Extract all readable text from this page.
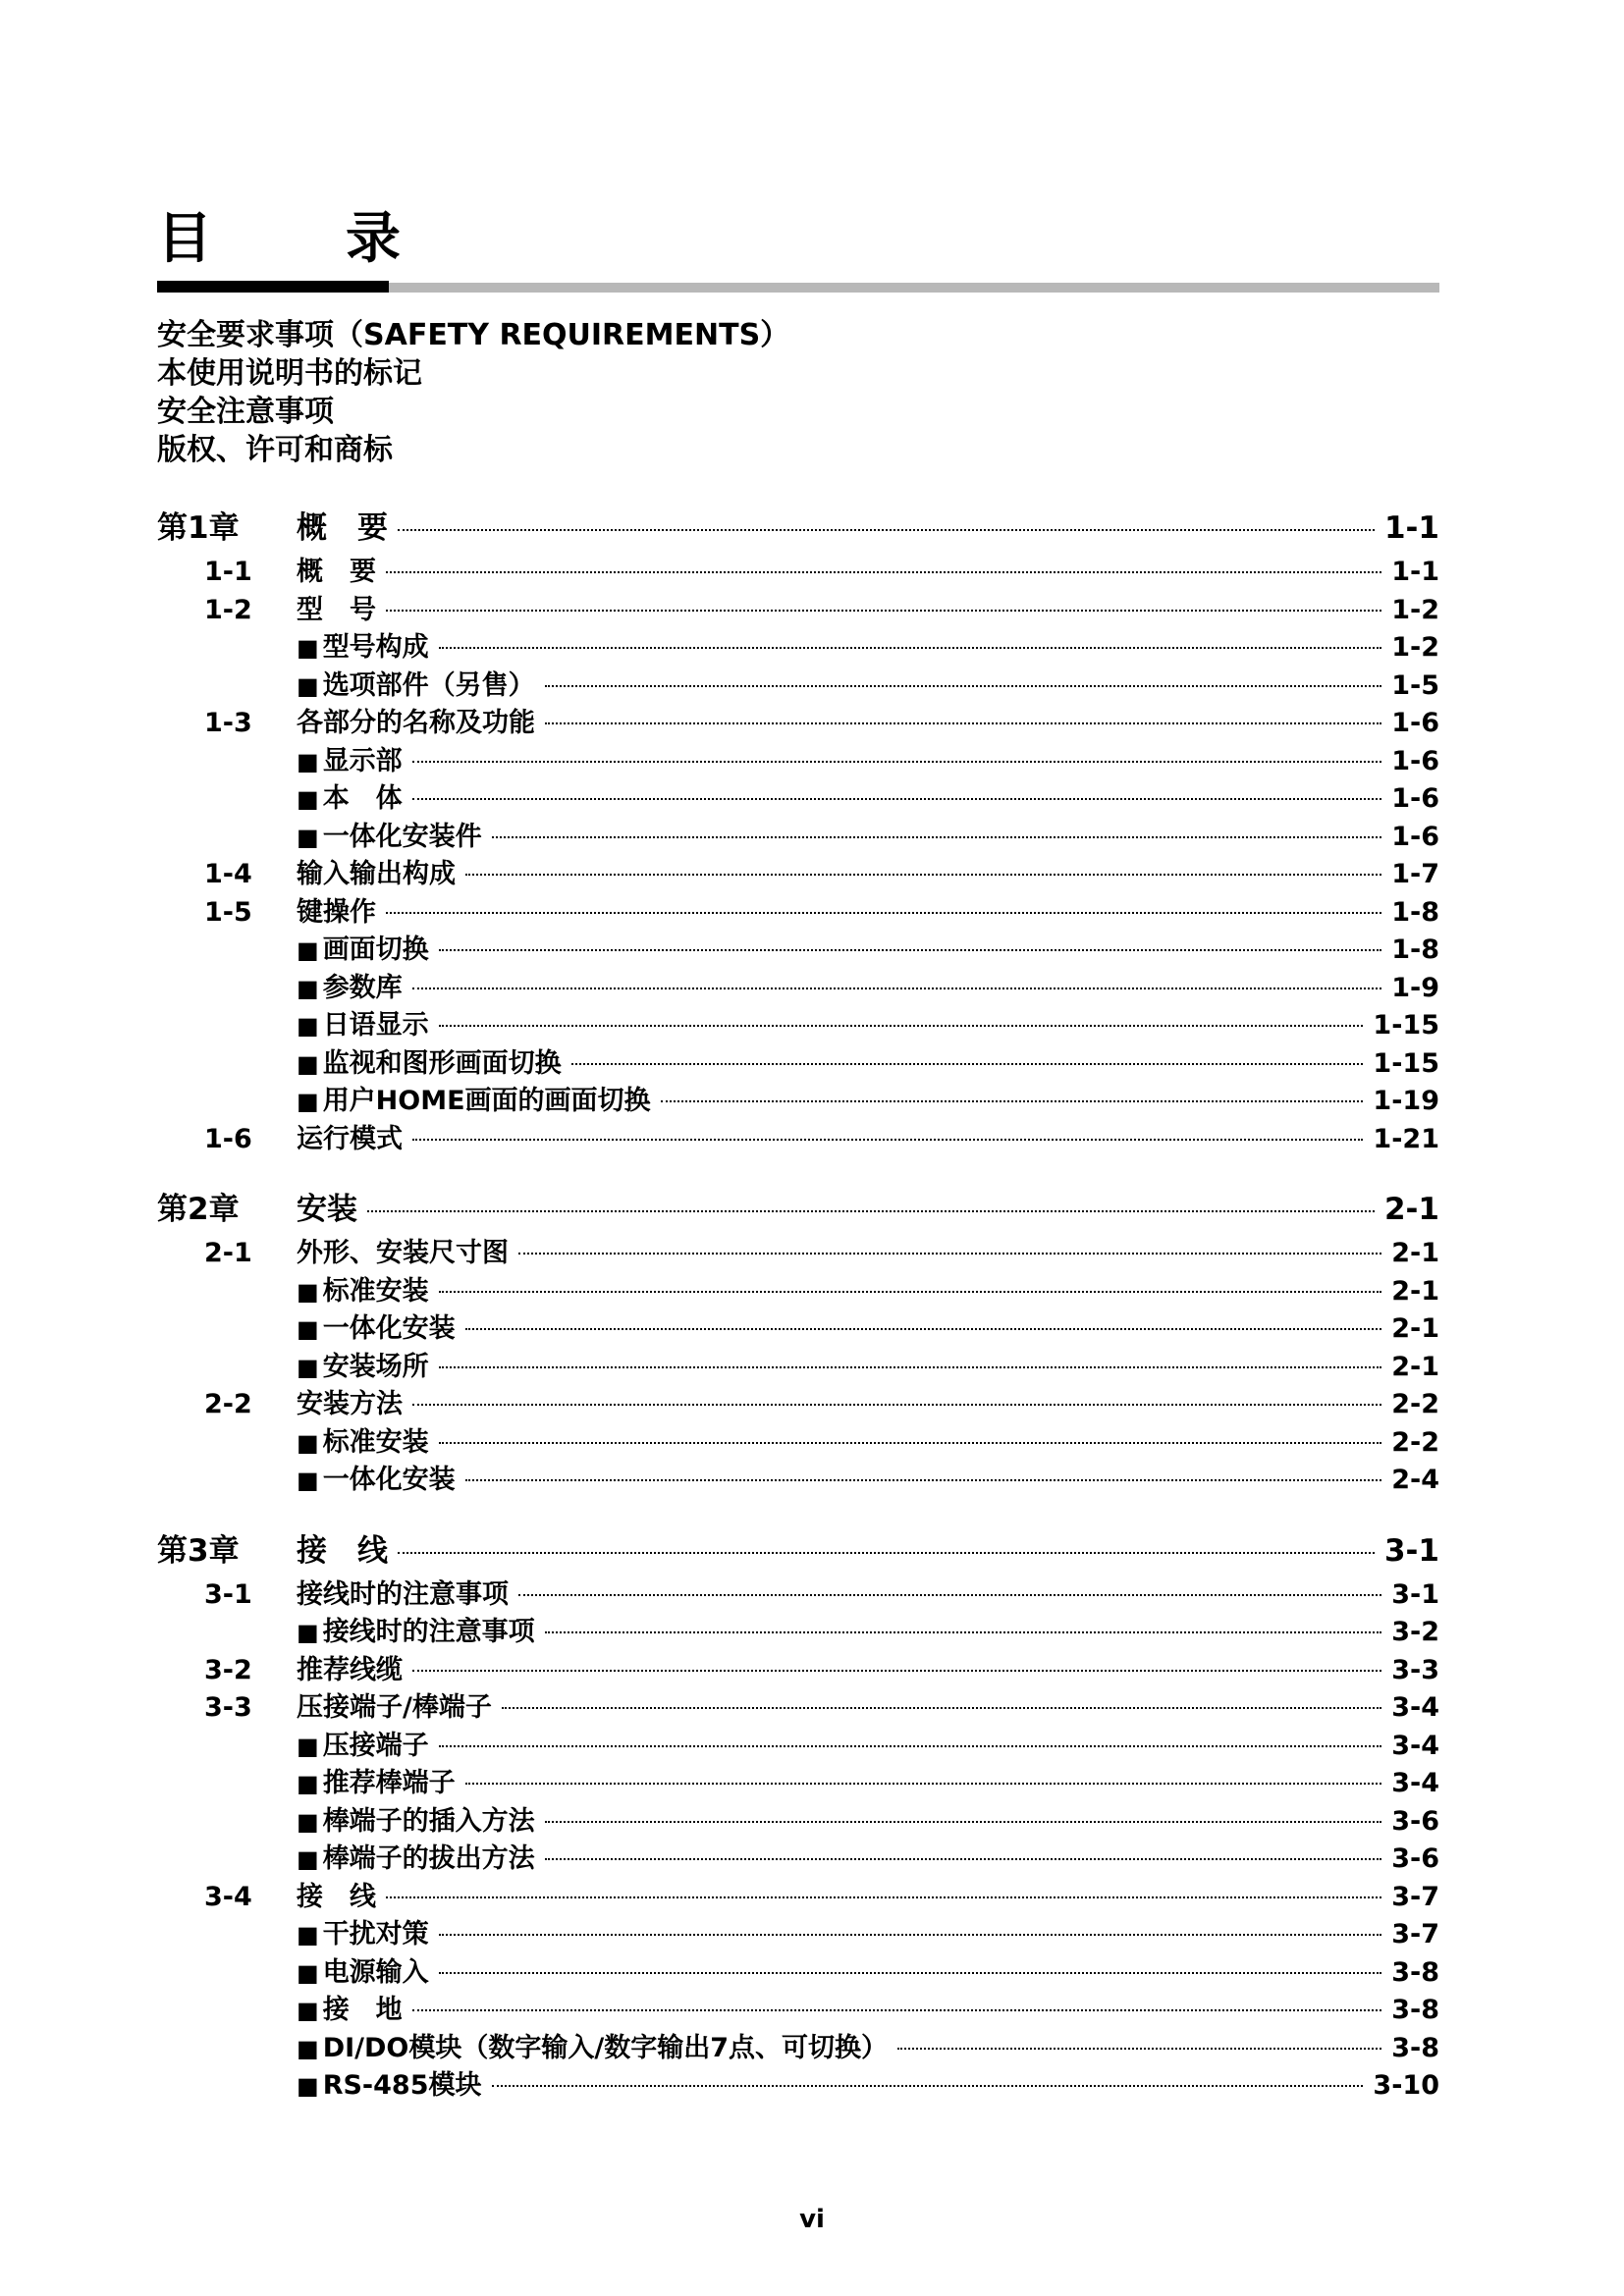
目　录
安全要求事项（SAFETY REQUIREMENTS）
本使用说明书的标记
安全注意事项
版权、许可和商标
第1章	概　要	1-1
1-1	概　要	1-1
1-2	型　号	1-2
■ 型号构成	1-2
■ 选项部件（另售）	1-5
1-3	各部分的名称及功能	1-6
■ 显示部	1-6
■ 本　体	1-6
■ 一体化安装件	1-6
1-4	输入输出构成	1-7
1-5	键操作	1-8
■ 画面切换	1-8
■ 参数库	1-9
■ 日语显示	1-15
■ 监视和图形画面切换	1-15
■ 用户HOME画面的画面切换	1-19
1-6	运行模式	1-21
第2章	安装	2-1
2-1	外形、安装尺寸图	2-1
■ 标准安装	2-1
■ 一体化安装	2-1
■ 安装场所	2-1
2-2	安装方法	2-2
■ 标准安装	2-2
■ 一体化安装	2-4
第3章	接　线	3-1
3-1	接线时的注意事项	3-1
■ 接线时的注意事项	3-2
3-2	推荐线缆	3-3
3-3	压接端子/棒端子	3-4
■ 压接端子	3-4
■ 推荐棒端子	3-4
■ 棒端子的插入方法	3-6
■ 棒端子的拔出方法	3-6
3-4	接　线	3-7
■ 干扰对策	3-7
■ 电源输入	3-8
■ 接　地	3-8
■ DI/DO模块（数字输入/数字输出7点、可切换）	3-8
■ RS-485模块	3-10
vi
